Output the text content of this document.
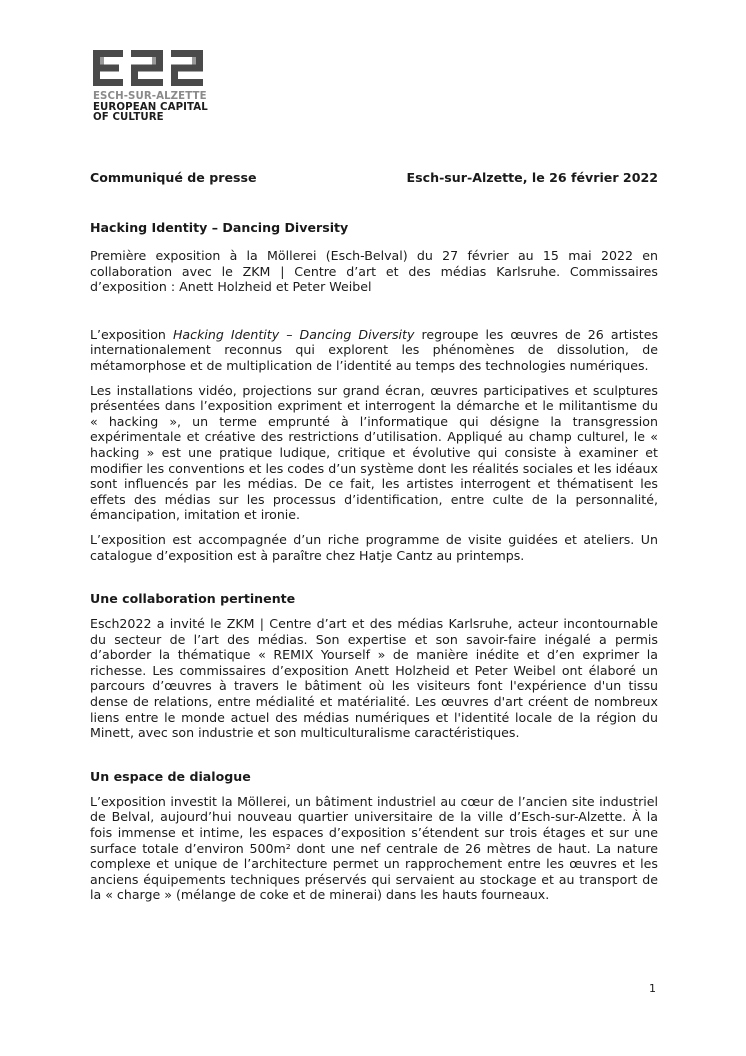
ESCH-SUR-ALZETTE
EUROPEAN CAPITAL
OF CULTURE
Communiqué de presse	Esch-sur-Alzette, le 26 février 2022
Hacking Identity – Dancing Diversity

Première exposition à la Möllerei (Esch-Belval) du 27 février au 15 mai 2022 en collaboration avec le ZKM | Centre d’art et des médias Karlsruhe. Commissaires d’exposition : Anett Holzheid et Peter Weibel

L’exposition Hacking Identity – Dancing Diversity regroupe les œuvres de 26 artistes internationalement reconnus qui explorent les phénomènes de dissolution, de métamorphose et de multiplication de l’identité au temps des technologies numériques.

Les installations vidéo, projections sur grand écran, œuvres participatives et sculptures présentées dans l’exposition expriment et interrogent la démarche et le militantisme du « hacking », un terme emprunté à l’informatique qui désigne la transgression expérimentale et créative des restrictions d’utilisation. Appliqué au champ culturel, le « hacking » est une pratique ludique, critique et évolutive qui consiste à examiner et modifier les conventions et les codes d’un système dont les réalités sociales et les idéaux sont influencés par les médias. De ce fait, les artistes interrogent et thématisent les effets des médias sur les processus d’identification, entre culte de la personnalité, émancipation, imitation et ironie.

L’exposition est accompagnée d’un riche programme de visite guidées et ateliers. Un catalogue d’exposition est à paraître chez Hatje Cantz au printemps.

Une collaboration pertinente

Esch2022 a invité le ZKM | Centre d’art et des médias Karlsruhe, acteur incontournable du secteur de l’art des médias. Son expertise et son savoir-faire inégalé a permis d’aborder la thématique « REMIX Yourself » de manière inédite et d’en exprimer la richesse. Les commissaires d’exposition Anett Holzheid et Peter Weibel ont élaboré un parcours d’œuvres à travers le bâtiment où les visiteurs font l'expérience d'un tissu dense de relations, entre médialité et matérialité. Les œuvres d'art créent de nombreux liens entre le monde actuel des médias numériques et l'identité locale de la région du Minett, avec son industrie et son multiculturalisme caractéristiques.

Un espace de dialogue

L’exposition investit la Möllerei, un bâtiment industriel au cœur de l’ancien site industriel de Belval, aujourd’hui nouveau quartier universitaire de la ville d’Esch-sur-Alzette. À la fois immense et intime, les espaces d’exposition s’étendent sur trois étages et sur une surface totale d’environ 500m² dont une nef centrale de 26 mètres de haut. La nature complexe et unique de l’architecture permet un rapprochement entre les œuvres et les anciens équipements techniques préservés qui servaient au stockage et au transport de la « charge » (mélange de coke et de minerai) dans les hauts fourneaux.

1
